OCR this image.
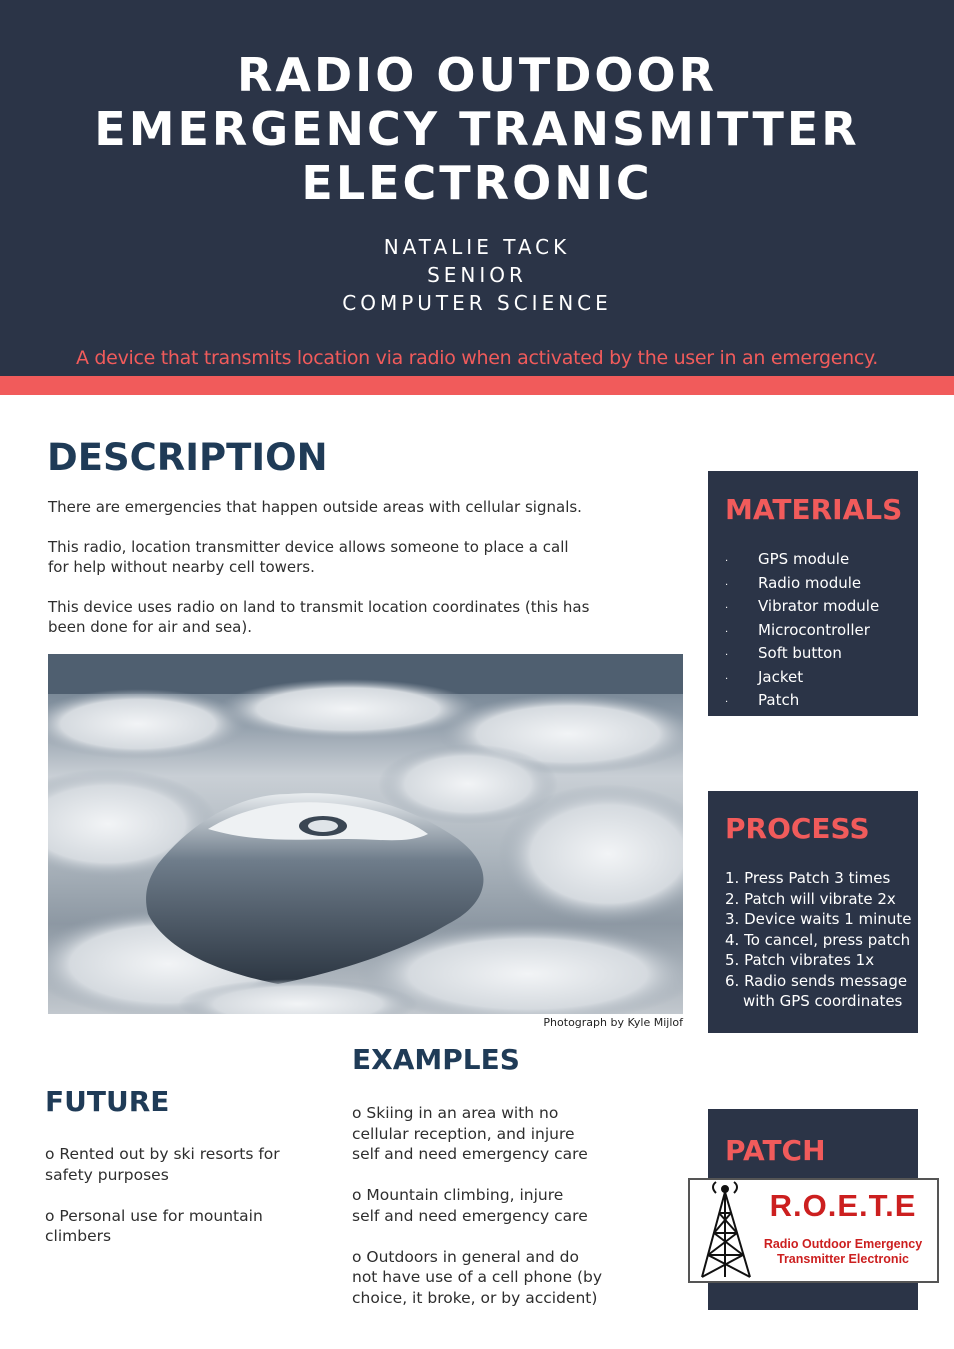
RADIO OUTDOOR
EMERGENCY TRANSMITTER
ELECTRONIC
NATALIE TACK
SENIOR
COMPUTER SCIENCE
A device that transmits location via radio when activated by the user in an emergency.
DESCRIPTION

There are emergencies that happen outside areas with cellular signals.

This radio, location transmitter device allows someone to place a call
for help without nearby cell towers.

This device uses radio on land to transmit location coordinates (this has
been done for air and sea).

Photograph by Kyle Mijlof
MATERIALS
· GPS module
· Radio module
· Vibrator module
· Microcontroller
· Soft button
· Jacket
· Patch
PROCESS
1. Press Patch 3 times
2. Patch will vibrate 2x
3. Device waits 1 minute
4. To cancel, press patch
5. Patch vibrates 1x
6. Radio sends message
with GPS coordinates
EXAMPLES
o Skiing in an area with no
cellular reception, and injure
self and need emergency care
o Mountain climbing, injure
self and need emergency care
o Outdoors in general and do
not have use of a cell phone (by
choice, it broke, or by accident)
FUTURE
o Rented out by ski resorts for
safety purposes
o Personal use for mountain
climbers
PATCH
R.O.E.T.E
Radio Outdoor Emergency
Transmitter Electronic
